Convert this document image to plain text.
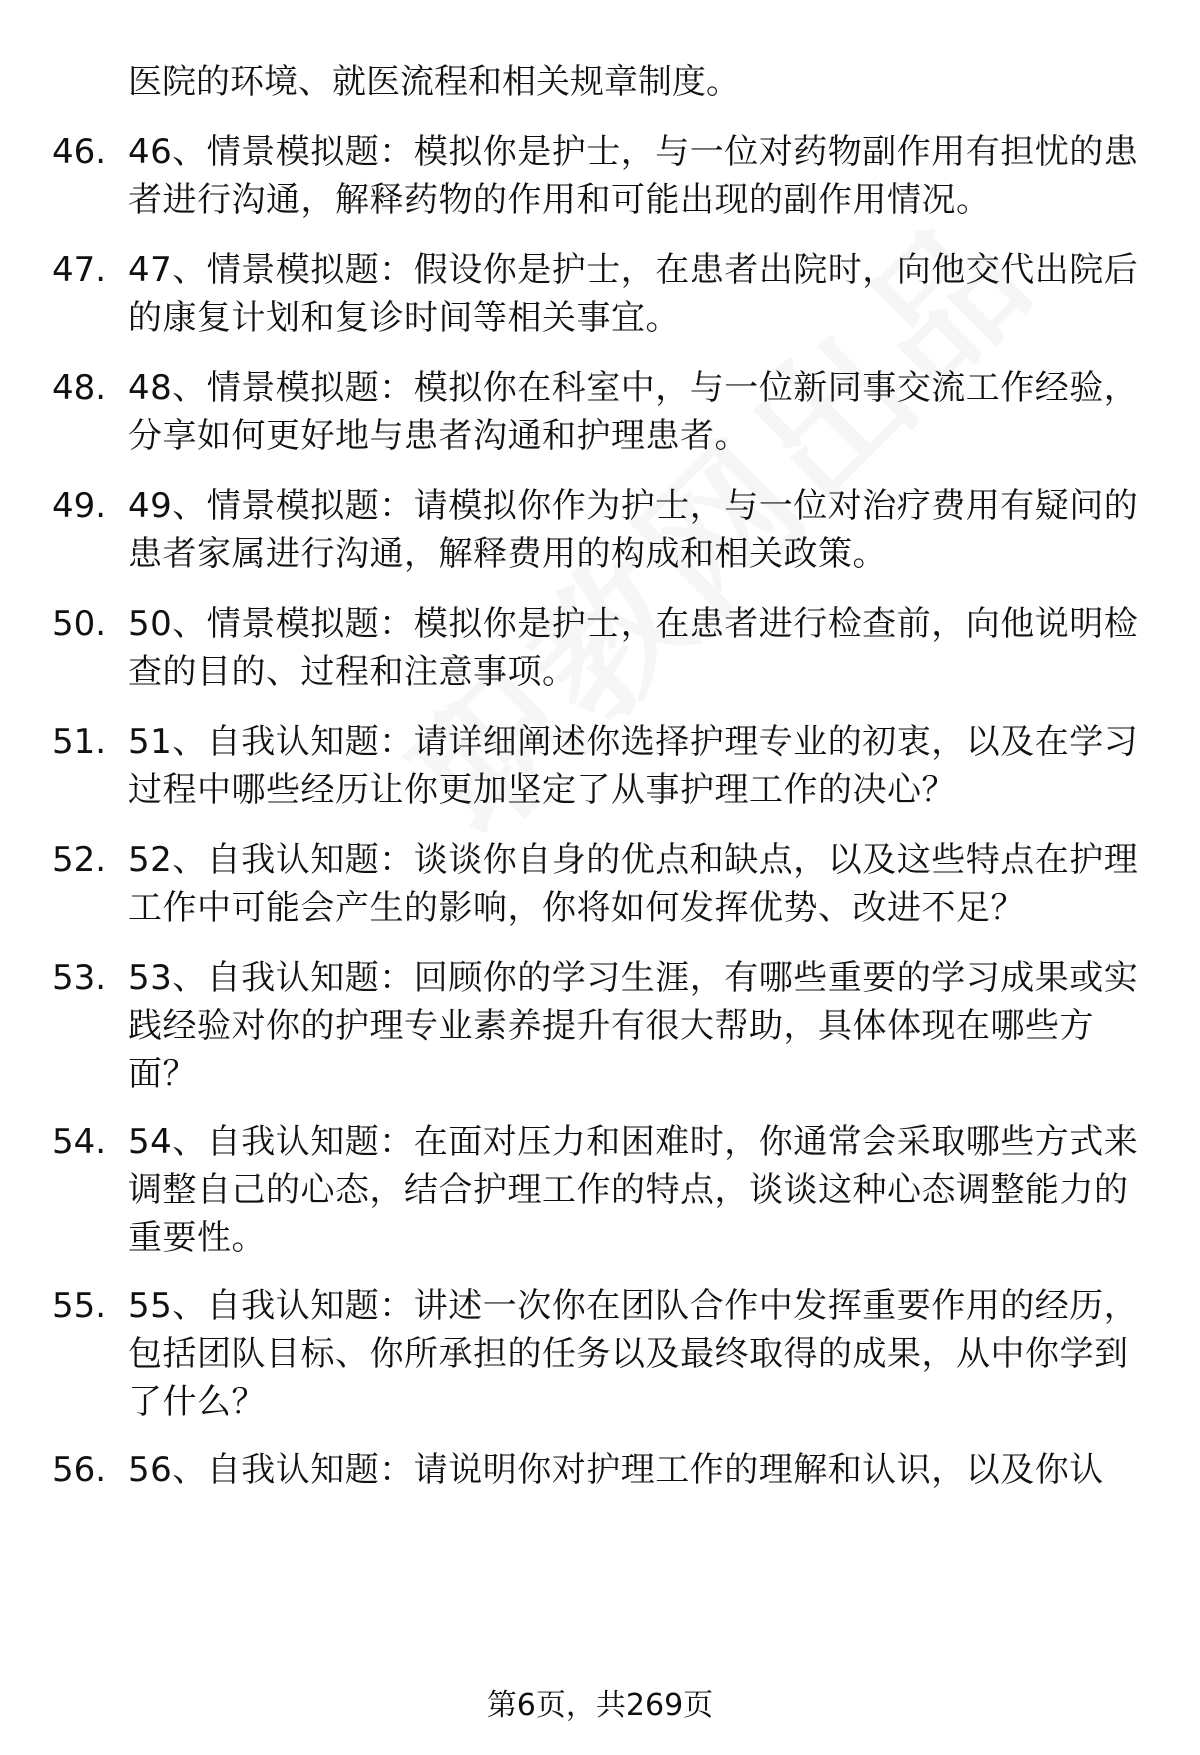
医院的环境、就医流程和相关规章制度。
46. 46、情景模拟题：模拟你是护士，与一位对药物副作用有担忧的患者进行沟通，解释药物的作用和可能出现的副作用情况。
47. 47、情景模拟题：假设你是护士，在患者出院时，向他交代出院后的康复计划和复诊时间等相关事宜。
48. 48、情景模拟题：模拟你在科室中，与一位新同事交流工作经验，分享如何更好地与患者沟通和护理患者。
49. 49、情景模拟题：请模拟你作为护士，与一位对治疗费用有疑问的患者家属进行沟通，解释费用的构成和相关政策。
50. 50、情景模拟题：模拟你是护士，在患者进行检查前，向他说明检查的目的、过程和注意事项。
51. 51、自我认知题：请详细阐述你选择护理专业的初衷，以及在学习过程中哪些经历让你更加坚定了从事护理工作的决心？
52. 52、自我认知题：谈谈你自身的优点和缺点，以及这些特点在护理工作中可能会产生的影响，你将如何发挥优势、改进不足？
53. 53、自我认知题：回顾你的学习生涯，有哪些重要的学习成果或实践经验对你的护理专业素养提升有很大帮助，具体体现在哪些方面？
54. 54、自我认知题：在面对压力和困难时，你通常会采取哪些方式来调整自己的心态，结合护理工作的特点，谈谈这种心态调整能力的重要性。
55. 55、自我认知题：讲述一次你在团队合作中发挥重要作用的经历，包括团队目标、你所承担的任务以及最终取得的成果，从中你学到了什么？
56. 56、自我认知题：请说明你对护理工作的理解和认识，以及你认
第6页，共269页
